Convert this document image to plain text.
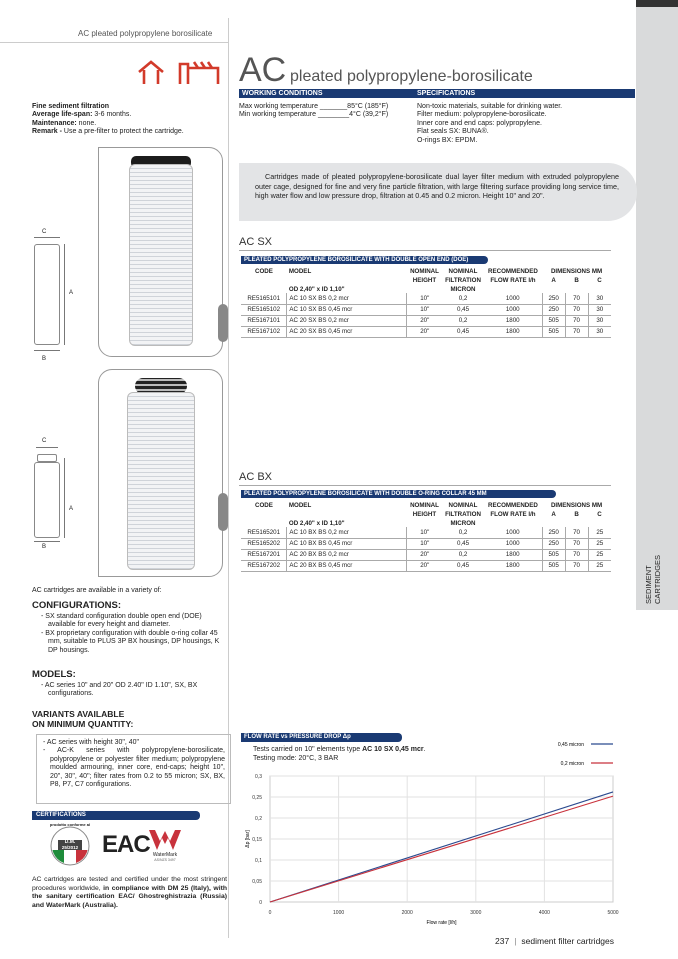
AC pleated polypropylene borosilicate
AC pleated polypropylene-borosilicate
SEDIMENT CARTRIDGES
Fine sediment filtration
Average life-span: 3-6 months.
Maintenance: none.
Remark - Use a pre-filter to protect the cartridge.
WORKING CONDITIONS	SPECIFICATIONS
Max working temperature _______85°C (185°F)
Min working temperature ________4°C (39,2°F)
Non-toxic materials, suitable for drinking water.
Filter medium: polypropylene-borosilicate.
Inner core and end caps: polypropylene.
Flat seals SX: BUNA®.
O-rings BX: EPDM.
Cartridges made of pleated polypropylene-borosilicate dual layer filter medium with extruded polypropylene outer cage, designed for fine and very fine particle filtration, with large filtering surface providing long service time, high water flow and low pressure drop, filtration at 0.45 and 0.2 micron. Height 10" and 20".
C
A
B
C
A
B
AC SX
PLEATED POLYPROPYLENE BOROSILICATE WITH DOUBLE OPEN END (DOE)
CODE	MODEL	NOMINAL	NOMINAL	RECOMMENDED	DIMENSIONS MM		
		HEIGHT	FILTRATION	FLOW RATE l/h	A	B	C
	OD 2,40" x ID 1,10"		MICRON				
RE5165101	AC 10 SX BS 0,2 mcr	10"	0,2	1000	250	70	30
RE5165102	AC 10 SX BS 0,45 mcr	10"	0,45	1000	250	70	30
RE5167101	AC 20 SX BS 0,2 mcr	20"	0,2	1800	505	70	30
RE5167102	AC 20 SX BS 0,45 mcr	20"	0,45	1800	505	70	30
AC BX
PLEATED POLYPROPYLENE BOROSILICATE WITH DOUBLE O-RING COLLAR 45 MM
CODE	MODEL	NOMINAL	NOMINAL	RECOMMENDED	DIMENSIONS MM		
		HEIGHT	FILTRATION	FLOW RATE l/h	A	B	C
	OD 2,40" x ID 1,10"		MICRON				
RE5165201	AC 10 BX BS 0,2 mcr	10"	0,2	1000	250	70	25
RE5165202	AC 10 BX BS 0,45 mcr	10"	0,45	1000	250	70	25
RE5167201	AC 20 BX BS 0,2 mcr	20"	0,2	1800	505	70	25
RE5167202	AC 20 BX BS 0,45 mcr	20"	0,45	1800	505	70	25
AC cartridges are available in a variety of:
CONFIGURATIONS:
- SX standard configuration double open end (DOE) available for every height and diameter.
- BX proprietary configuration with double o-ring collar 45 mm, suitable to PLUS 3P BX housings, DP housings, K DP housings.
MODELS:
- AC series 10" and 20" OD 2.40" ID 1.10", SX, BX configurations.
VARIANTS AVAILABLE
ON MINIMUM QUANTITY:
- AC series with height 30", 40"
- AC-K series with polypropylene-borosilicate, polypropylene or polyester filter medium; polypropylene moulded armouring, inner core, end-caps; height 10", 20", 30", 40"; filter rates from 0.2 to 55 micron; SX, BX, P8, P7, C7 configurations.
CERTIFICATIONS
prodotto conforme al
D.M.
25/2012 EAC WaterMark
AS/NZS 3497
AC cartridges are tested and certified under the most stringent procedures worldwide, in compliance with DM 25 (Italy), with the sanitary certification EAC/ Ghostreghistrazia (Russia) and WaterMark (Australia).
FLOW RATE vs PRESSURE DROP Δp
Tests carried on 10" elements type AC 10 SX 0,45 mcr.
Testing mode: 20°C, 3 BAR
0
0,05
0,1
0,15
0,2
0,25
0,3
0	1000	2000	3000	4000	5000
Flow rate [l/h]
Δp [bar]
0,45 micron
0,2 micron
237 | sediment filter cartridges
